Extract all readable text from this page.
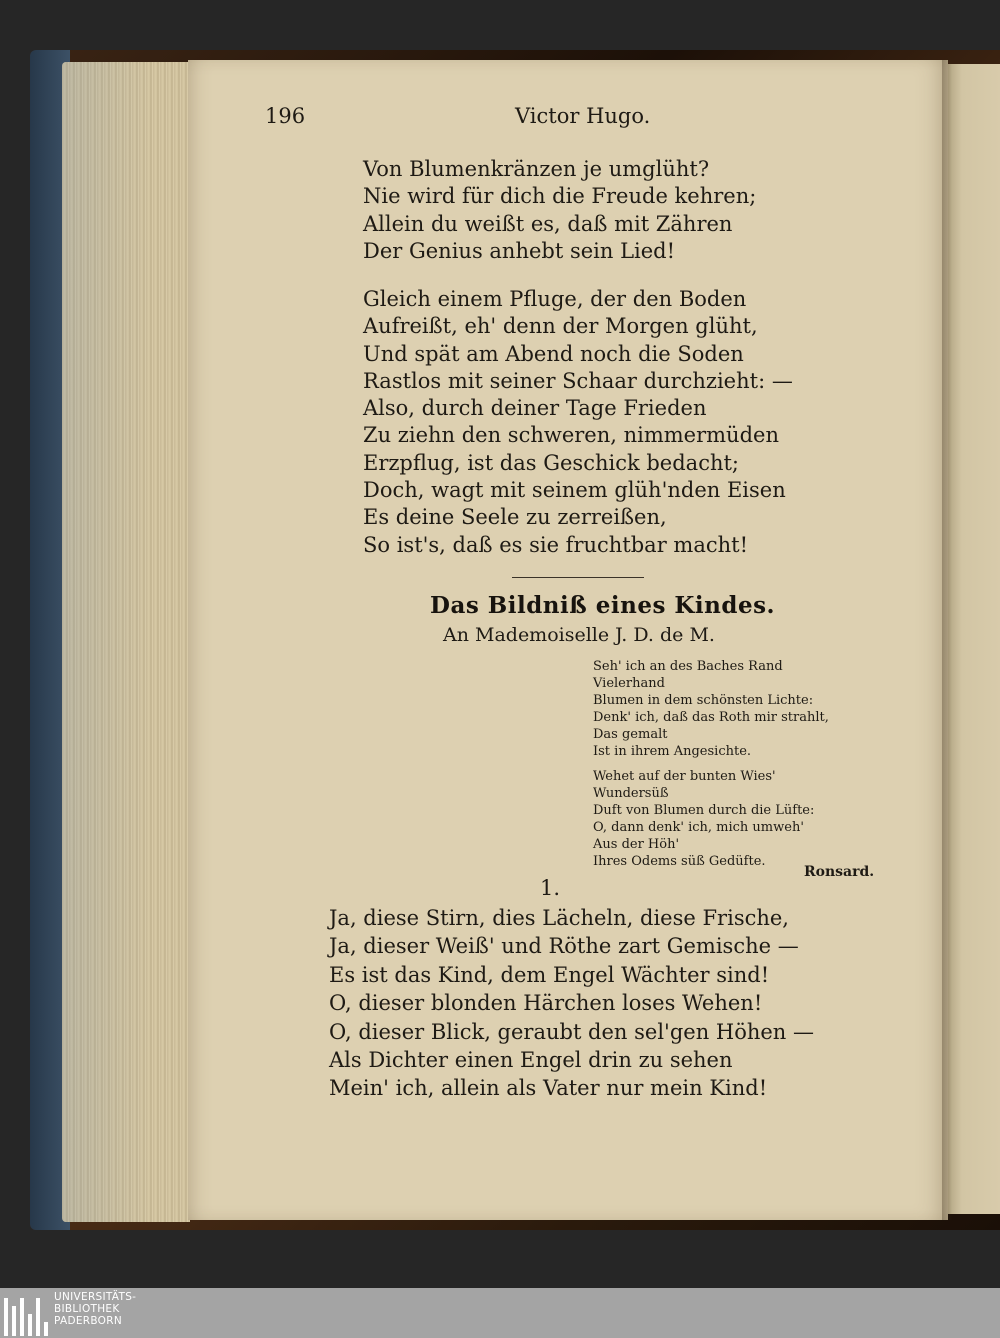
196	Victor Hugo.
Von Blumenkränzen je umglüht?
Nie wird für dich die Freude kehren;
Allein du weißt es, daß mit Zähren
Der Genius anhebt sein Lied!
Gleich einem Pfluge, der den Boden
Aufreißt, eh' denn der Morgen glüht,
Und spät am Abend noch die Soden
Rastlos mit seiner Schaar durchzieht: —
Also, durch deiner Tage Frieden
Zu ziehn den schweren, nimmermüden
Erzpflug, ist das Geschick bedacht;
Doch, wagt mit seinem glüh'nden Eisen
Es deine Seele zu zerreißen,
So ist's, daß es sie fruchtbar macht!
Das Bildniß eines Kindes.
An Mademoiselle J. D. de M.
Seh' ich an des Baches Rand
Vielerhand
Blumen in dem schönsten Lichte:
Denk' ich, daß das Roth mir strahlt,
Das gemalt
Ist in ihrem Angesichte.
Wehet auf der bunten Wies'
Wundersüß
Duft von Blumen durch die Lüfte:
O, dann denk' ich, mich umweh'
Aus der Höh'
Ihres Odems süß Gedüfte.
Ronsard.
1.
Ja, diese Stirn, dies Lächeln, diese Frische,
Ja, dieser Weiß' und Röthe zart Gemische —
Es ist das Kind, dem Engel Wächter sind!
O, dieser blonden Härchen loses Wehen!
O, dieser Blick, geraubt den sel'gen Höhen —
Als Dichter einen Engel drin zu sehen
Mein' ich, allein als Vater nur mein Kind!
UNIVERSITÄTS-
BIBLIOTHEK
PADERBORN
